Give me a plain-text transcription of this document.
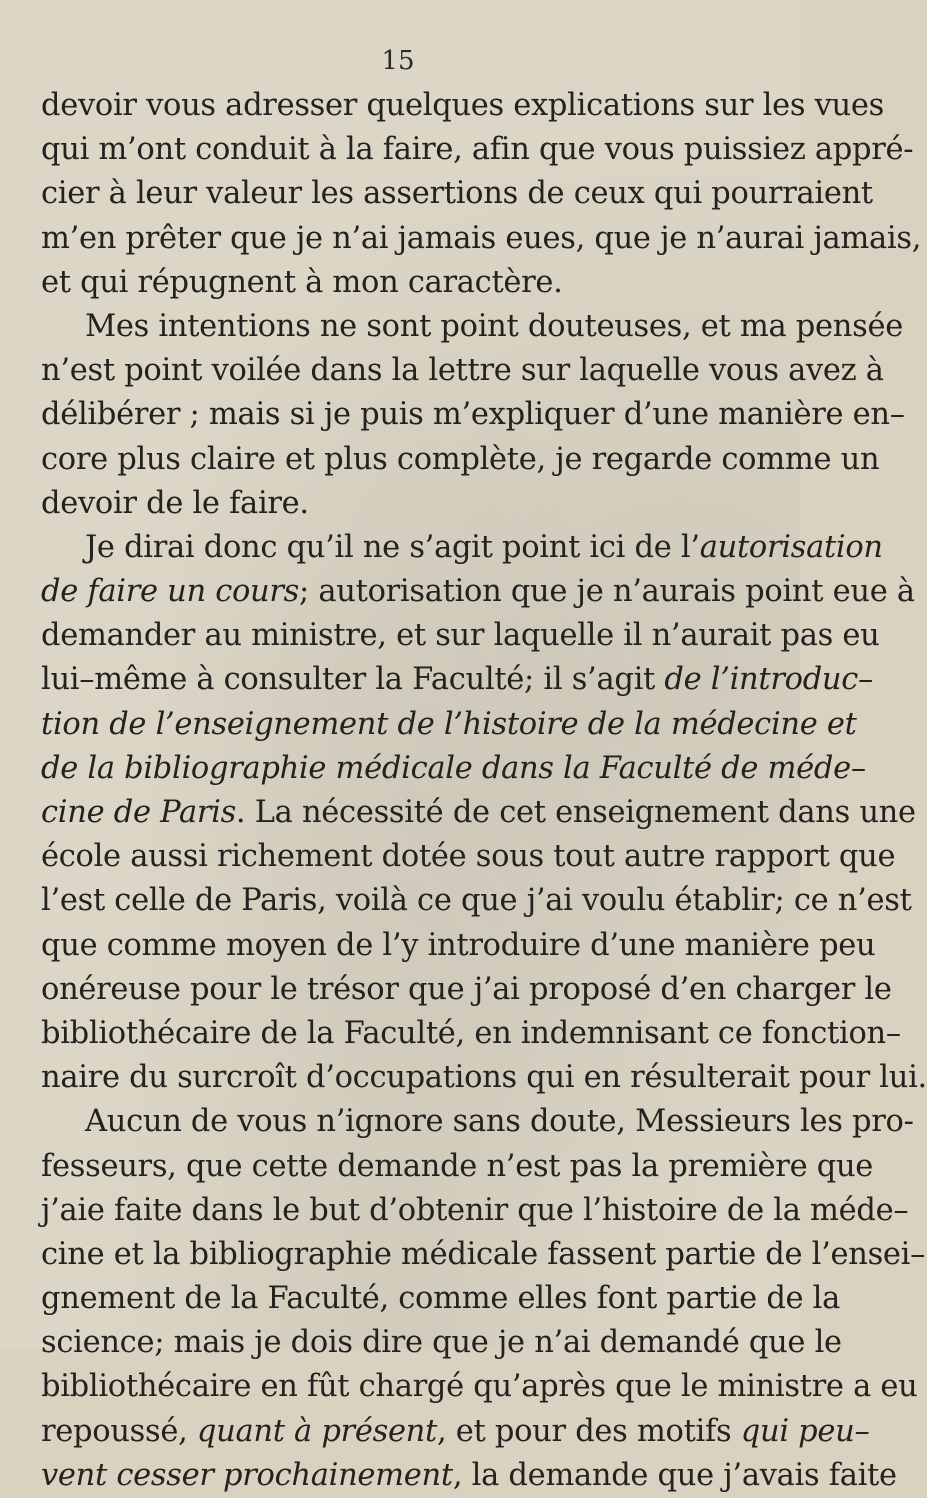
15
devoir vous adresser quelques explications sur les vues
qui m’ont conduit à la faire, afin que vous puissiez appré-
cier à leur valeur les assertions de ceux qui pourraient
m’en prêter que je n’ai jamais eues, que je n’aurai jamais,
et qui répugnent à mon caractère.
Mes intentions ne sont point douteuses, et ma pensée
n’est point voilée dans la lettre sur laquelle vous avez à
délibérer ; mais si je puis m’expliquer d’une manière en–
core plus claire et plus complète, je regarde comme un
devoir de le faire.
Je dirai donc qu’il ne s’agit point ici de l’autorisation
de faire un cours; autorisation que je n’aurais point eue à
demander au ministre, et sur laquelle il n’aurait pas eu
lui–même à consulter la Faculté; il s’agit de l’introduc–
tion de l’enseignement de l’histoire de la médecine et
de la bibliographie médicale dans la Faculté de méde–
cine de Paris. La nécessité de cet enseignement dans une
école aussi richement dotée sous tout autre rapport que
l’est celle de Paris, voilà ce que j’ai voulu établir; ce n’est
que comme moyen de l’y introduire d’une manière peu
onéreuse pour le trésor que j’ai proposé d’en charger le
bibliothécaire de la Faculté, en indemnisant ce fonction–
naire du surcroît d’occupations qui en résulterait pour lui.
Aucun de vous n’ignore sans doute, Messieurs les pro-
fesseurs, que cette demande n’est pas la première que
j’aie faite dans le but d’obtenir que l’histoire de la méde–
cine et la bibliographie médicale fassent partie de l’ensei–
gnement de la Faculté, comme elles font partie de la
science; mais je dois dire que je n’ai demandé que le
bibliothécaire en fût chargé qu’après que le ministre a eu
repoussé, quant à présent, et pour des motifs qui peu–
vent cesser prochainement, la demande que j’avais faite
